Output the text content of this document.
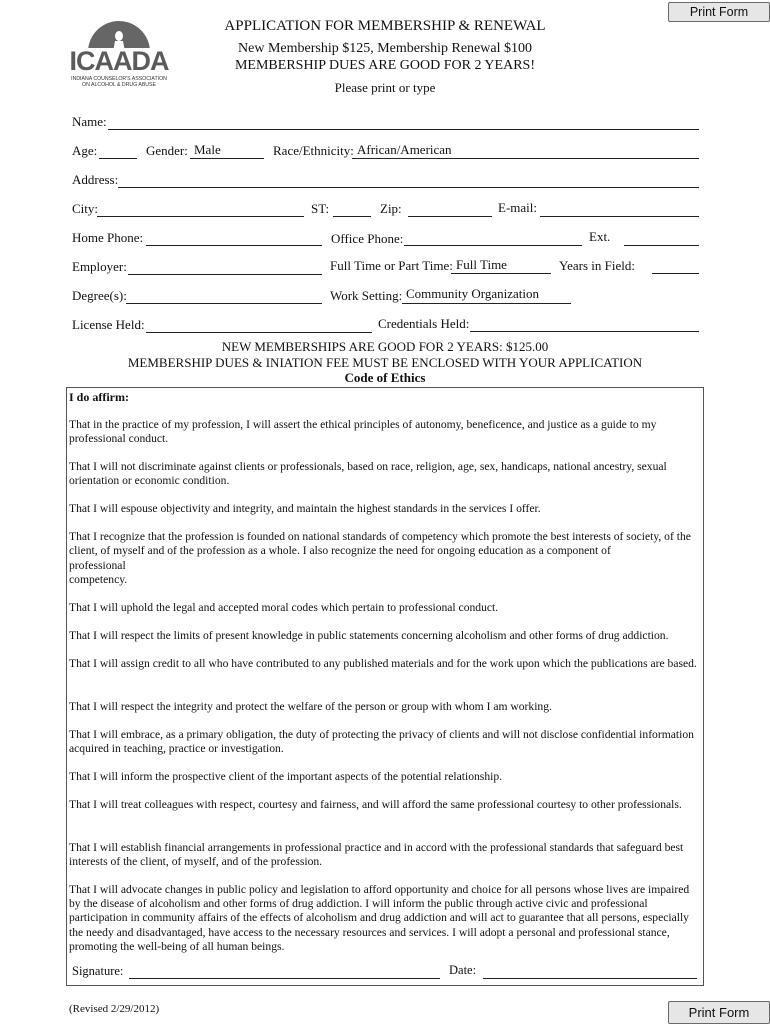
Print Form
ICAADA
INDIANA COUNSELOR'S ASSOCIATION
ON ALCOHOL & DRUG ABUSE
APPLICATION FOR MEMBERSHIP & RENEWAL
New Membership $125, Membership Renewal $100
MEMBERSHIP DUES ARE GOOD FOR 2 YEARS!
Please print or type
Name:
Age:	Gender: Male	Race/Ethnicity: African/American
Address:
City:	ST:	Zip:	E-mail:
Home Phone:	Office Phone:	Ext.
Employer:	Full Time or Part Time: Full Time	Years in Field:
Degree(s):	Work Setting: Community Organization
License Held:	Credentials Held:
NEW MEMBERSHIPS ARE GOOD FOR 2 YEARS: $125.00
MEMBERSHIP DUES & INIATION FEE MUST BE ENCLOSED WITH YOUR APPLICATION
Code of Ethics
I do affirm:
That in the practice of my profession, I will assert the ethical principles of autonomy, beneficence, and justice as a guide to my professional conduct.
That I will not discriminate against clients or professionals, based on race, religion, age, sex, handicaps, national ancestry, sexual orientation or economic condition.
That I will espouse objectivity and integrity, and maintain the highest standards in the services I offer.
That I recognize that the profession is founded on national standards of competency which promote the best interests of society, of the client, of myself and of the profession as a whole. I also recognize the need for ongoing education as a component of
professional
competency.
That I will uphold the legal and accepted moral codes which pertain to professional conduct.
That I will respect the limits of present knowledge in public statements concerning alcoholism and other forms of drug addiction.
That I will assign credit to all who have contributed to any published materials and for the work upon which the publications are based.
That I will respect the integrity and protect the welfare of the person or group with whom I am working.
That I will embrace, as a primary obligation, the duty of protecting the privacy of clients and will not disclose confidential information acquired in teaching, practice or investigation.
That I will inform the prospective client of the important aspects of the potential relationship.
That I will treat colleagues with respect, courtesy and fairness, and will afford the same professional courtesy to other professionals.
That I will establish financial arrangements in professional practice and in accord with the professional standards that safeguard best interests of the client, of myself, and of the profession.
That I will advocate changes in public policy and legislation to afford opportunity and choice for all persons whose lives are impaired by the disease of alcoholism and other forms of drug addiction. I will inform the public through active civic and professional participation in community affairs of the effects of alcoholism and drug addiction and will act to guarantee that all persons, especially the needy and disadvantaged, have access to the necessary resources and services. I will adopt a personal and professional stance, promoting the well-being of all human beings.
Signature:	Date:
(Revised 2/29/2012)	Print Form
